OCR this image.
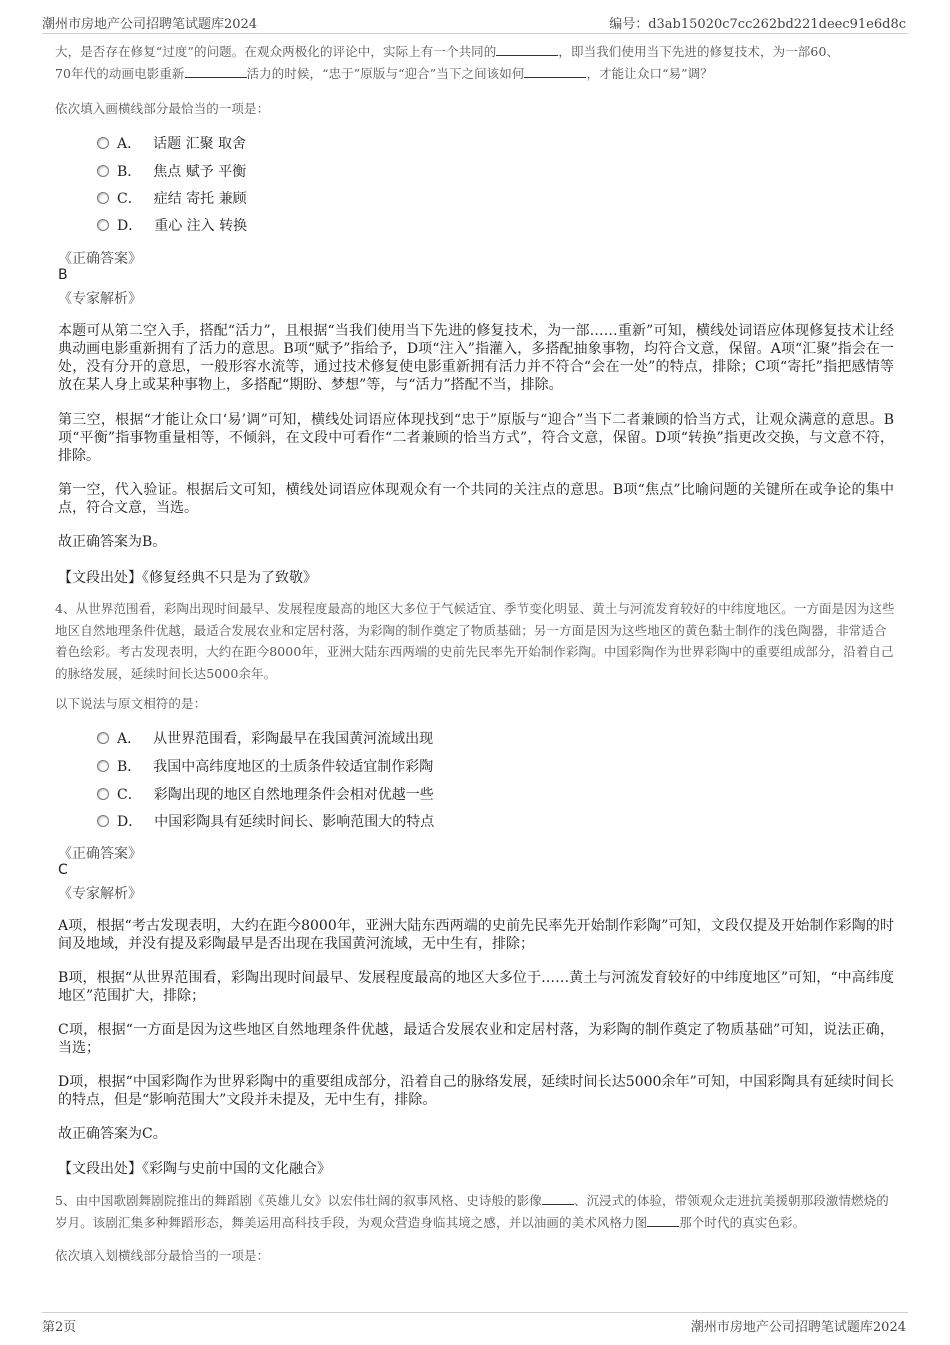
潮州市房地产公司招聘笔试题库2024	编号：d3ab15020c7cc262bd221deec91e6d8c
大，是否存在修复“过度”的问题。在观众两极化的评论中，实际上有一个共同的	，即当我们使用当下先进的修复技术，为一部60、
70年代的动画电影重新	活力的时候，“忠于”原版与“迎合”当下之间该如何	，才能让众口“易”调？
依次填入画横线部分最恰当的一项是：
A． 话题 汇聚 取舍
B． 焦点 赋予 平衡
C． 症结 寄托 兼顾
D． 重心 注入 转换
《正确答案》
B
《专家解析》
本题可从第二空入手，搭配“活力”，且根据“当我们使用当下先进的修复技术，为一部……重新”可知，横线处词语应体现修复技术让经典动画电影重新拥有了活力的意思。B项“赋予”指给予，D项“注入”指灌入，多搭配抽象事物，均符合文意，保留。A项“汇聚”指会在一处，没有分开的意思，一般形容水流等，通过技术修复使电影重新拥有活力并不符合“会在一处”的特点，排除；C项“寄托”指把感情等放在某人身上或某种事物上，多搭配“期盼、梦想”等，与“活力”搭配不当，排除。
第三空，根据“才能让众口‘易’调”可知，横线处词语应体现找到“忠于”原版与“迎合”当下二者兼顾的恰当方式，让观众满意的意思。B项“平衡”指事物重量相等，不倾斜，在文段中可看作“二者兼顾的恰当方式”，符合文意，保留。D项“转换”指更改交换，与文意不符，排除。
第一空，代入验证。根据后文可知，横线处词语应体现观众有一个共同的关注点的意思。B项“焦点”比喻问题的关键所在或争论的集中点，符合文意，当选。
故正确答案为B。
【文段出处】《修复经典不只是为了致敬》
4、从世界范围看，彩陶出现时间最早、发展程度最高的地区大多位于气候适宜、季节变化明显、黄土与河流发育较好的中纬度地区。一方面是因为这些地区自然地理条件优越，最适合发展农业和定居村落，为彩陶的制作奠定了物质基础；另一方面是因为这些地区的黄色黏土制作的浅色陶器，非常适合着色绘彩。考古发现表明，大约在距今8000年，亚洲大陆东西两端的史前先民率先开始制作彩陶。中国彩陶作为世界彩陶中的重要组成部分，沿着自己的脉络发展，延续时间长达5000余年。
以下说法与原文相符的是：
A． 从世界范围看，彩陶最早在我国黄河流域出现
B． 我国中高纬度地区的土质条件较适宜制作彩陶
C． 彩陶出现的地区自然地理条件会相对优越一些
D． 中国彩陶具有延续时间长、影响范围大的特点
《正确答案》
C
《专家解析》
A项，根据“考古发现表明，大约在距今8000年，亚洲大陆东西两端的史前先民率先开始制作彩陶”可知，文段仅提及开始制作彩陶的时间及地域，并没有提及彩陶最早是否出现在我国黄河流域，无中生有，排除；
B项，根据“从世界范围看，彩陶出现时间最早、发展程度最高的地区大多位于……黄土与河流发育较好的中纬度地区”可知，“中高纬度地区”范围扩大，排除；
C项，根据“一方面是因为这些地区自然地理条件优越，最适合发展农业和定居村落，为彩陶的制作奠定了物质基础”可知，说法正确，当选；
D项，根据“中国彩陶作为世界彩陶中的重要组成部分，沿着自己的脉络发展，延续时间长达5000余年”可知，中国彩陶具有延续时间长的特点，但是“影响范围大”文段并未提及，无中生有，排除。
故正确答案为C。
【文段出处】《彩陶与史前中国的文化融合》
5、由中国歌剧舞剧院推出的舞蹈剧《英雄儿女》以宏伟壮阔的叙事风格、史诗般的影像	、沉浸式的体验，带领观众走进抗美援朝那段激情燃烧的岁月。该剧汇集多种舞蹈形态，舞美运用高科技手段，为观众营造身临其境之感，并以油画的美术风格力图	那个时代的真实色彩。
依次填入划横线部分最恰当的一项是：
第2页	潮州市房地产公司招聘笔试题库2024
